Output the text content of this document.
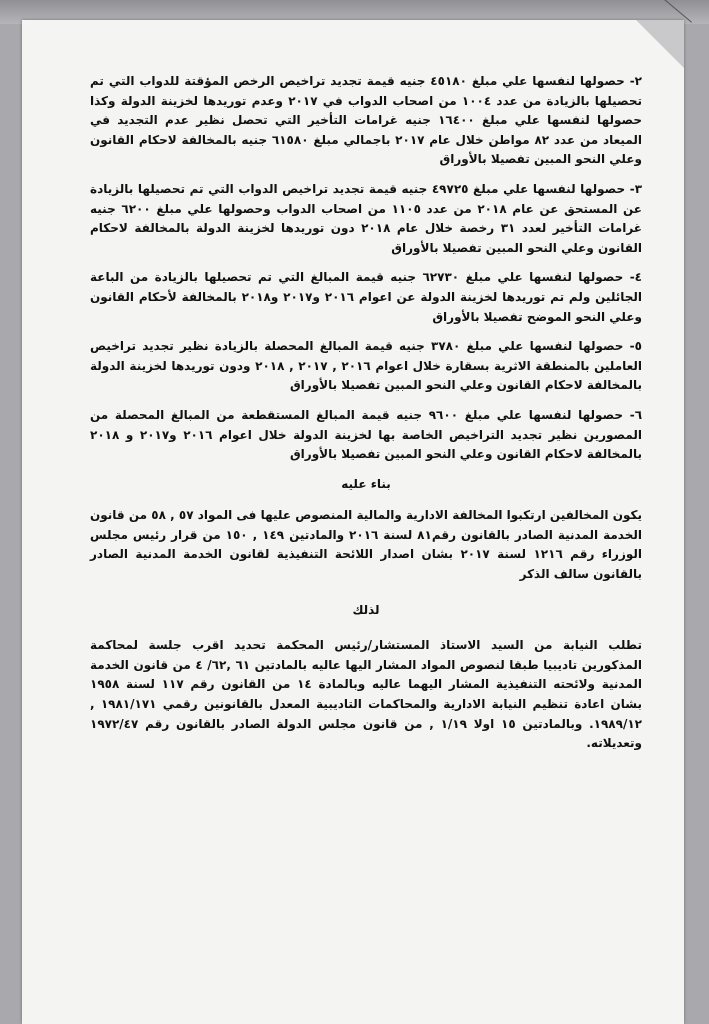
٢- حصولها لنفسها علي مبلغ ٤٥١٨٠ جنيه قيمة تجديد تراخيص الرخص المؤقتة للدواب التي تم تحصيلها بالزيادة من عدد ١٠٠٤ من اصحاب الدواب في ٢٠١٧ وعدم توريدها لخزينة الدولة وكذا حصولها لنفسها علي مبلغ ١٦٤٠٠ جنيه غرامات التأخير التي تحصل نظير عدم التجديد في الميعاد من عدد ٨٢ مواطن خلال عام ٢٠١٧ باجمالي مبلغ ٦١٥٨٠ جنيه بالمخالفة لاحكام القانون وعلي النحو المبين تفصيلا بالأوراق

٣- حصولها لنفسها علي مبلغ ٤٩٧٢٥ جنيه قيمة تجديد تراخيص الدواب التي تم تحصيلها بالزيادة عن المستحق عن عام ٢٠١٨ من عدد ١١٠٥ من اصحاب الدواب وحصولها علي مبلغ ٦٢٠٠ جنيه غرامات التأخير لعدد ٣١ رخصة خلال عام ٢٠١٨ دون توريدها لخزينة الدولة بالمخالفة لاحكام القانون وعلي النحو المبين تفصيلا بالأوراق

٤- حصولها لنفسها علي مبلغ ٦٢٧٣٠ جنيه قيمة المبالغ التي تم تحصيلها بالزيادة من الباعة الجائلين ولم تم توريدها لخزينة الدولة عن اعوام ٢٠١٦ و٢٠١٧ و٢٠١٨ بالمخالفة لأحكام القانون وعلي النحو الموضح تفصيلا بالأوراق

٥- حصولها لنفسها علي مبلغ ٣٧٨٠ جنيه قيمة المبالغ المحصلة بالزيادة نظير تجديد تراخيص العاملين بالمنطقة الاثرية بسقارة خلال اعوام ٢٠١٦ , ٢٠١٧ , ٢٠١٨ ودون توريدها لخزينة الدولة بالمخالفة لاحكام القانون وعلي النحو المبين تفصيلا بالأوراق

٦- حصولها لنفسها علي مبلغ ٩٦٠٠ جنيه قيمة المبالغ المستقطعة من المبالغ المحصلة من المصورين نظير تجديد التراخيص الخاصة بها لخزينة الدولة خلال اعوام ٢٠١٦ و٢٠١٧ و ٢٠١٨ بالمخالفة لاحكام القانون وعلي النحو المبين تفصيلا بالأوراق

بناء عليه

يكون المخالفين ارتكبوا المخالفة الادارية والمالية المنصوص عليها فى المواد ٥٧ , ٥٨ من قانون الخدمة المدنية الصادر بالقانون رقم٨١ لسنة ٢٠١٦ والمادتين ١٤٩ , ١٥٠ من قرار رئيس مجلس الوزراء رقم ١٢١٦ لسنة ٢٠١٧ بشان اصدار اللائحة التنفيذية لقانون الخدمة المدنية الصادر بالقانون سالف الذكر

لذلك

تطلب النيابة من السيد الاستاذ المستشار/رئيس المحكمة تحديد اقرب جلسة لمحاكمة المذكورين تاديبيا طبقا لنصوص المواد المشار اليها عاليه بالمادتين ٦١ ,٦٢/ ٤ من قانون الخدمة المدنية ولائحته التنفيذية المشار اليهما عاليه وبالمادة ١٤ من القانون رقم ١١٧ لسنة ١٩٥٨ بشان اعادة تنظيم النيابة الادارية والمحاكمات التاديبية المعدل بالقانونين رقمي ١٩٨١/١٧١ , ١٩٨٩/١٢. وبالمادتين ١٥ اولا ١/١٩ , من قانون مجلس الدولة الصادر بالقانون رقم ١٩٧٢/٤٧ وتعديلاته.
